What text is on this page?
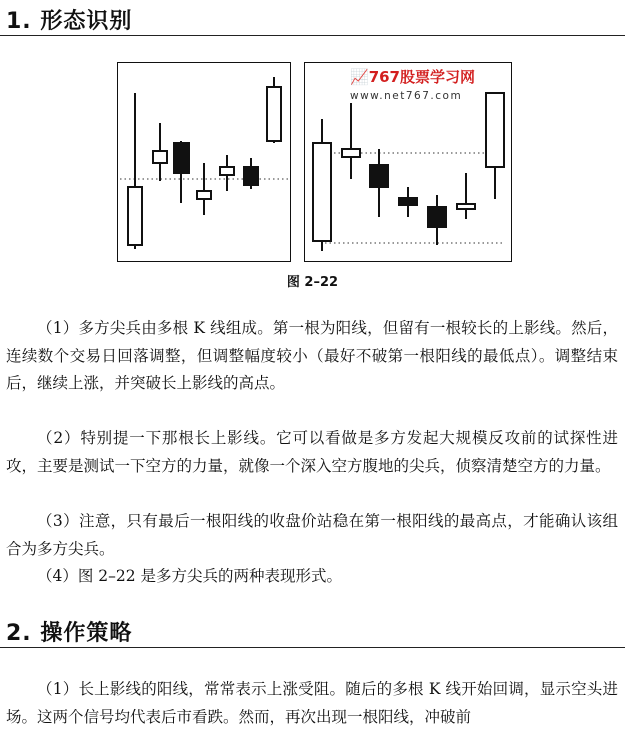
1. 形态识别
📈767股票学习网
www.net767.com
图 2–22

（1）多方尖兵由多根 K 线组成。第一根为阳线，但留有一根较长的上影线。然后，连续数个交易日回落调整，但调整幅度较小（最好不破第一根阳线的最低点）。调整结束后，继续上涨，并突破长上影线的高点。

（2）特别提一下那根长上影线。它可以看做是多方发起大规模反攻前的试探性进攻，主要是测试一下空方的力量，就像一个深入空方腹地的尖兵，侦察清楚空方的力量。

（3）注意，只有最后一根阳线的收盘价站稳在第一根阳线的最高点，才能确认该组合为多方尖兵。

（4）图 2–22 是多方尖兵的两种表现形式。

2. 操作策略

（1）长上影线的阳线，常常表示上涨受阻。随后的多根 K 线开始回调，显示空头进场。这两个信号均代表后市看跌。然而，再次出现一根阳线，冲破前
